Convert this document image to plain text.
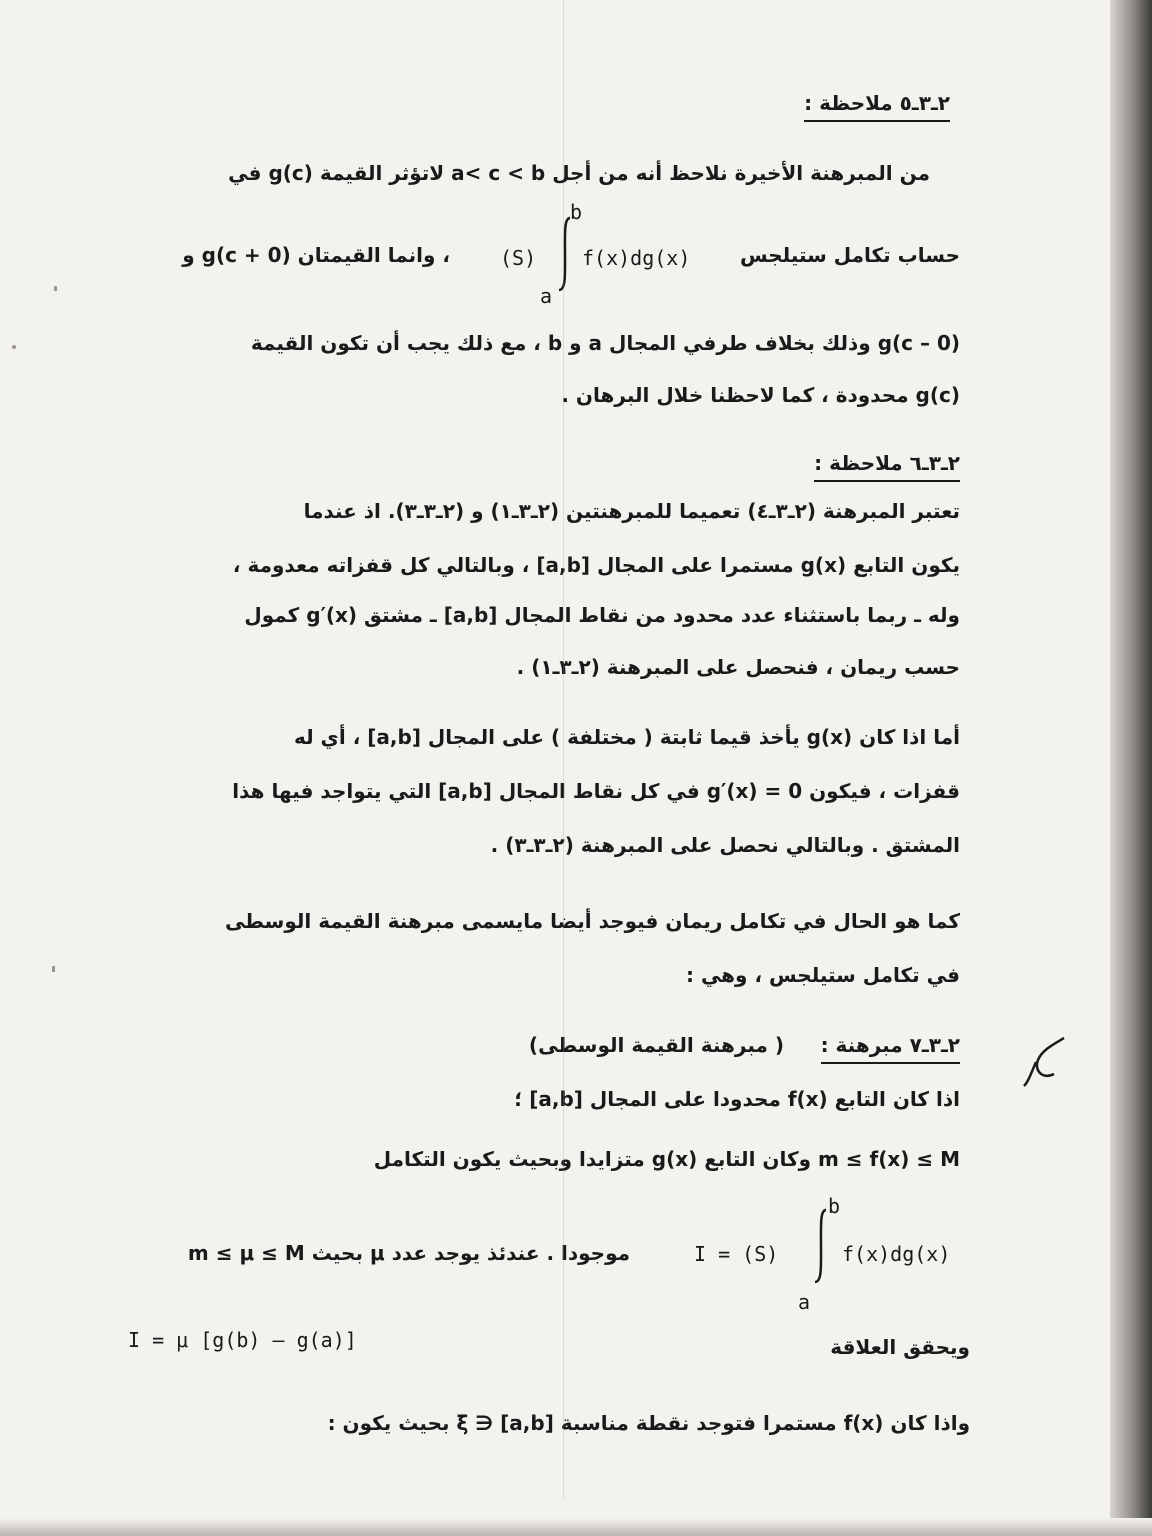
٢ـ٣ـ٥ ملاحظة :
من المبرهنة الأخيرة نلاحظ أنه من أجل a< c < b لاتؤثر القيمة g(c) في
حساب تكامل ستيلجس
b
a
f(x)dg(x)
(S)
، وانما القيمتان g(c + 0) و
(g(c – 0 وذلك بخلاف طرفي المجال a و b ، مع ذلك يجب أن تكون القيمة
(g(c محدودة ، كما لاحظنا خلال البرهان .
٢ـ٣ـ٦ ملاحظة :
تعتبر المبرهنة (٢ـ٣ـ٤) تعميما للمبرهنتين (٢ـ٣ـ١) و (٢ـ٣ـ٣). اذ عندما
يكون التابع g(x) مستمرا على المجال [a,b] ، وبالتالي كل قفزاته معدومة ،
وله ـ ربما باستثناء عدد محدود من نقاط المجال [a,b] ـ مشتق g′(x) كمول
حسب ريمان ، فنحصل على المبرهنة (٢ـ٣ـ١) .
أما اذا كان g(x) يأخذ قيما ثابتة ( مختلفة ) على المجال [a,b] ، أي له
قفزات ، فيكون 0 = g′(x) في كل نقاط المجال [a,b] التي يتواجد فيها هذا
المشتق . وبالتالي نحصل على المبرهنة (٢ـ٣ـ٣) .
كما هو الحال في تكامل ريمان فيوجد أيضا مايسمى مبرهنة القيمة الوسطى
في تكامل ستيلجس ، وهي :
٢ـ٣ـ٧ مبرهنة :
( مبرهنة القيمة الوسطى)
اذا كان التابع f(x) محدودا على المجال [a,b] ؛
m ≤ f(x) ≤ M وكان التابع g(x) متزايدا وبحيث يكون التكامل
b
a
f(x)dg(x)
I = (S)
موجودا . عندئذ يوجد عدد μ بحيث m ≤ μ ≤ M
ويحقق العلاقة
I = μ [g(b) – g(a)]
واذا كان f(x) مستمرا فتوجد نقطة مناسبة ξ ∋ [a,b] بحيث يكون :
